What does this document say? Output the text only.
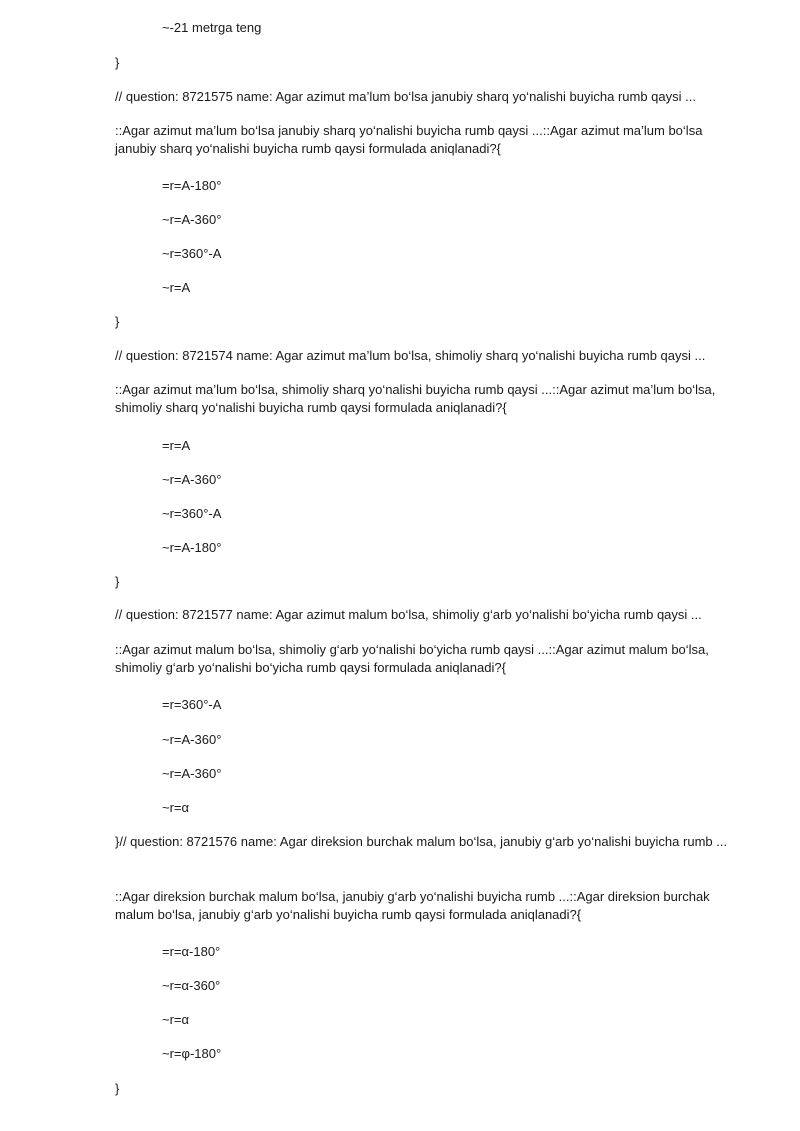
~-21 metrga teng
}
// question: 8721575 name: Agar azimut ma’lum bo‘lsa janubiy sharq yo‘nalishi buyicha rumb qaysi ...
::Agar azimut ma’lum bo‘lsa janubiy sharq yo‘nalishi buyicha rumb qaysi ...::Agar azimut ma’lum bo‘lsa janubiy sharq yo‘nalishi buyicha rumb qaysi formulada aniqlanadi?{
=r=A-180°
~r=A-360°
~r=360°-A
~r=A
}
// question: 8721574 name: Agar azimut ma’lum bo‘lsa, shimoliy sharq yo‘nalishi buyicha rumb qaysi ...
::Agar azimut ma’lum bo‘lsa, shimoliy sharq yo‘nalishi buyicha rumb qaysi ...::Agar azimut ma’lum bo‘lsa, shimoliy sharq yo‘nalishi buyicha rumb qaysi formulada aniqlanadi?{
=r=A
~r=A-360°
~r=360°-A
~r=A-180°
}
// question: 8721577 name: Agar azimut malum bo‘lsa, shimoliy g‘arb yo‘nalishi bo‘yicha rumb qaysi ...
::Agar azimut malum bo‘lsa, shimoliy g‘arb yo‘nalishi bo‘yicha rumb qaysi ...::Agar azimut malum bo‘lsa, shimoliy g‘arb yo‘nalishi bo‘yicha rumb qaysi formulada aniqlanadi?{
=r=360°-A
~r=A-360°
~r=A-360°
~r=α
}// question: 8721576 name: Agar direksion burchak malum bo‘lsa, janubiy g‘arb yo‘nalishi buyicha rumb ...
::Agar direksion burchak malum bo‘lsa, janubiy g‘arb yo‘nalishi buyicha rumb ...::Agar direksion burchak malum bo‘lsa, janubiy g‘arb yo‘nalishi buyicha rumb qaysi formulada aniqlanadi?{
=r=α-180°
~r=α-360°
~r=α
~r=φ-180°
}
